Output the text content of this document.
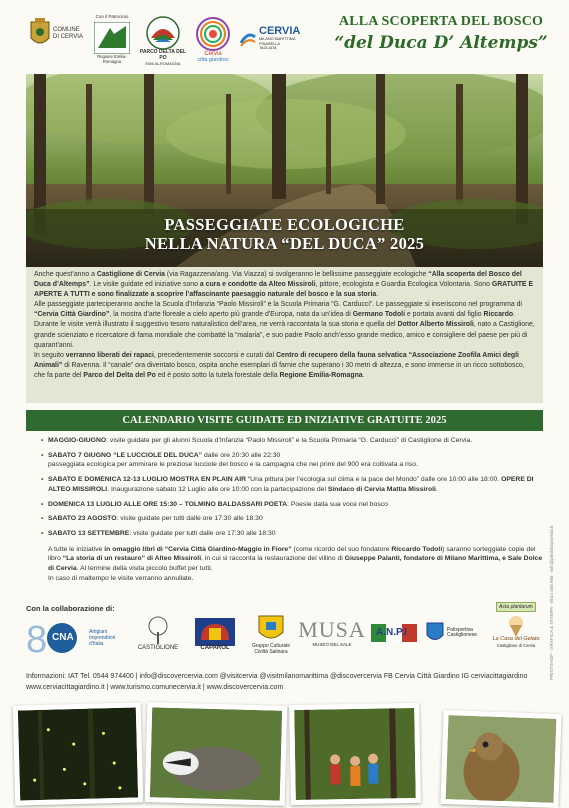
COMUNE
DI CERVIA
Con il Patrocinio
Regione Emilia-Romagna
PARCO DELTA DEL PO
EMILIA-ROMAGNA
Cervia
città giardino
CERVIA
MILANO MARITTIMA
PINARELLA
TAGLIATA
ALLA SCOPERTA DEL BOSCO
“del Duca D’ Altemps”
PASSEGGIATE ECOLOGICHE
NELLA NATURA “DEL DUCA” 2025

Anche quest’anno a Castiglione di Cervia (via Ragazzena/ang. Via Viazza) si svolgeranno le bellissime passeggiate ecologiche “Alla scoperta del Bosco del Duca d’Altemps”. Le visite guidate ed iniziative sono a cura e condotte da Alteo Missiroli, pittore, ecologista e Guardia Ecologica Volontaria. Sono GRATUITE E APERTE A TUTTI e sono finalizzate a scoprire l’affascinante paesaggio naturale del bosco e la sua storia.

Alle passeggiate parteciperanno anche la Scuola d’Infanzia “Paolo Missiroli” e la Scuola Primaria “G. Carducci”. Le passeggiate si inseriscono nel programma di “Cervia Città Giardino”, la mostra d’arte floreale a cielo aperto più grande d’Europa, nata da un’idea di Germano Todoli e portata avanti dal figlio Riccardo. Durante le visite verrà illustrato il suggestivo tesoro naturalistico dell’area, ne verrà raccontata la sua storia e quella del Dottor Alberto Missiroli, nato a Castiglione, grande scienziato e ricercatore di fama mondiale che combatté la “malaria”, e suo padre Paolo anch’esso grande medico, amico e consigliere del paese per più di quarant’anni.

In seguito verranno liberati dei rapaci, precedentemente soccorsi e curati dal Centro di recupero della fauna selvatica “Associazione Zoofila Amici degli Animali” di Ravenna. Il “canale” ora diventato bosco, ospita anche esemplari di farnie che superano i 30 metri di altezza, e sono immerse in un ricco sottobosco, che fa parte del Parco del Delta del Po ed è posto sotto la tutela forestale della Regione Emilia-Romagna.

CALENDARIO VISITE GUIDATE ED INIZIATIVE GRATUITE 2025
• MAGGIO-GIUGNO: visite guidate per gli alunni Scuola d’Infanzia “Paolo Missiroli” e la Scuola Primaria “G. Carducci” di Castiglione di Cervia.
• SABATO 7 GIUGNO “LE LUCCIOLE DEL DUCA” dalle ore 20:30 alle 22:30
passeggiata ecologica per ammirare le preziose lucciole del bosco e la campagna che nei primi del 900 era coltivata a riso.
• SABATO E DOMENICA 12-13 LUGLIO MOSTRA EN PLAIN AIR “Una pittura per l’ecologia sul clima e la pace del Mondo” dalle ore 10:00 alle 18:00. OPERE DI ALTEO MISSIROLI. Inaugurazione sabato 12 Luglio alle ore 10:00 con la partecipazione del Sindaco di Cervia Mattia Missiroli.
• DOMENICA 13 LUGLIO ALLE ORE 15:30 – TOLMINO BALDASSARI POETA: Poesie dalla sua voce nel bosco
• SABATO 23 AGOSTO: visite guidate per tutti dalle ore 17:30 alle 18:30
• SABATO 13 SETTEMBRE: visite guidate per tutti dalle ore 17:30 alle 18:30
A tutte le iniziative in omaggio libri di “Cervia Città Giardino-Maggio in Fiore” (come ricordo del suo fondatore Riccardo Todoli) saranno sorteggiate copie del libro “La storia di un restauro” di Alteo Missiroli, in cui si racconta la restaurazione del villino di Giuseppe Palanti, fondatore di Milano Marittima, e Sale Dolce di Cervia. Al termine della visita piccolo buffet per tutti.
In caso di maltempo le visite verranno annullate.
Con la collaborazione di:
8 CNA	Artigiani
Imprenditori
d’Italia
CASTIGLIONE	CAPAROL	Gruppo Culturale
Civiltà Salinara
MUSA
MUSEO DEL SALE
A.N.P.I	Polisportiva
Castiglionese
Acta plantarum
La Casa del Gelato
Castiglione di Cervia
Informazioni: IAT Tel. 0544 974400 | info@discovercervia.com @visitcervia @visitmilanomarittima @discovercervia FB Cervia Città Giardino IG cerviacittagiardino
www.cerviacittagiardino.it | www.turismo.comunecervia.it | www.discovercervia.com
PRINTSHOP - GRAFICA & STAMPA - 0544 406 666 - info@printshopcervia.it
